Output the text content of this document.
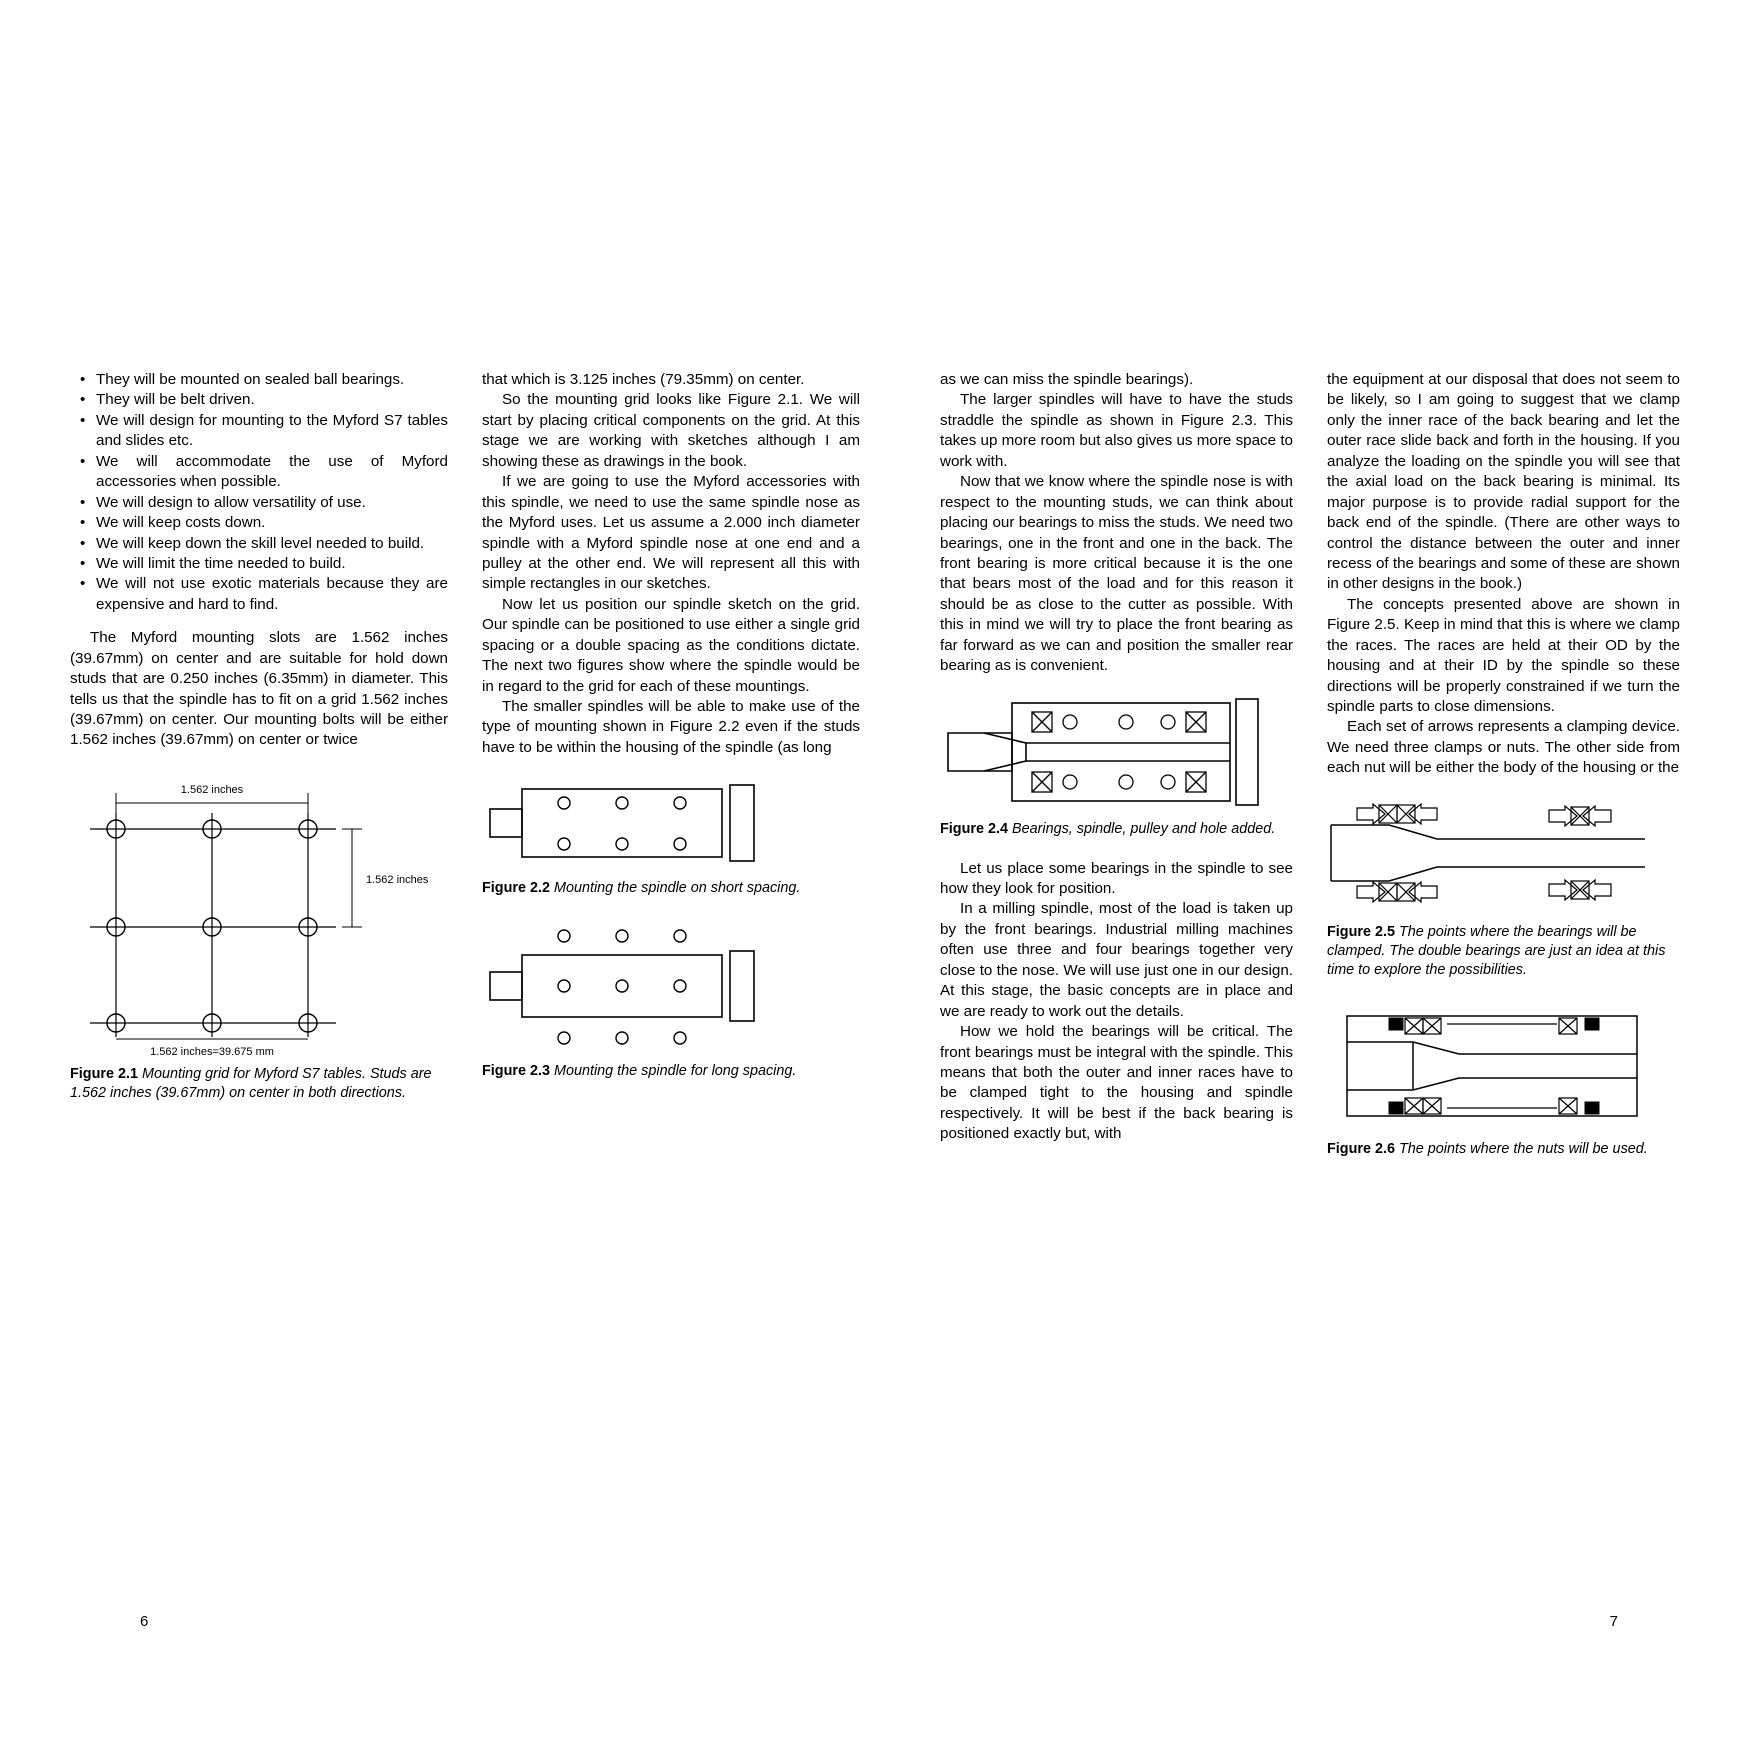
• They will be mounted on sealed ball bearings.
• They will be belt driven.
• We will design for mounting to the Myford S7 tables and slides etc.
• We will accommodate the use of Myford accessories when possible.
• We will design to allow versatility of use.
• We will keep costs down.
• We will keep down the skill level needed to build.
• We will limit the time needed to build.
• We will not use exotic materials because they are expensive and hard to find.

The Myford mounting slots are 1.562 inches (39.67mm) on center and are suitable for hold down studs that are 0.250 inches (6.35mm) in diameter. This tells us that the spindle has to fit on a grid 1.562 inches (39.67mm) on center. Our mounting bolts will be either 1.562 inches (39.67mm) on center or twice

1.562 inches
1.562 inches
1.562 inches=39.675 mm
Figure 2.1 Mounting grid for Myford S7 tables. Studs are 1.562 inches (39.67mm) on center in both directions.

that which is 3.125 inches (79.35mm) on center.

So the mounting grid looks like Figure 2.1. We will start by placing critical components on the grid. At this stage we are working with sketches although I am showing these as drawings in the book.

If we are going to use the Myford accessories with this spindle, we need to use the same spindle nose as the Myford uses. Let us assume a 2.000 inch diameter spindle with a Myford spindle nose at one end and a pulley at the other end. We will represent all this with simple rectangles in our sketches.

Now let us position our spindle sketch on the grid. Our spindle can be positioned to use either a single grid spacing or a double spacing as the conditions dictate. The next two figures show where the spindle would be in regard to the grid for each of these mountings.

The smaller spindles will be able to make use of the type of mounting shown in Figure 2.2 even if the studs have to be within the housing of the spindle (as long

Figure 2.2 Mounting the spindle on short spacing.
Figure 2.3 Mounting the spindle for long spacing.
6

as we can miss the spindle bearings).

The larger spindles will have to have the studs straddle the spindle as shown in Figure 2.3. This takes up more room but also gives us more space to work with.

Now that we know where the spindle nose is with respect to the mounting studs, we can think about placing our bearings to miss the studs. We need two bearings, one in the front and one in the back. The front bearing is more critical because it is the one that bears most of the load and for this reason it should be as close to the cutter as possible. With this in mind we will try to place the front bearing as far forward as we can and position the smaller rear bearing as is convenient.

Figure 2.4 Bearings, spindle, pulley and hole added.

Let us place some bearings in the spindle to see how they look for position.

In a milling spindle, most of the load is taken up by the front bearings. Industrial milling machines often use three and four bearings together very close to the nose. We will use just one in our design. At this stage, the basic concepts are in place and we are ready to work out the details.

How we hold the bearings will be critical. The front bearings must be integral with the spindle. This means that both the outer and inner races have to be clamped tight to the housing and spindle respectively. It will be best if the back bearing is positioned exactly but, with

the equipment at our disposal that does not seem to be likely, so I am going to suggest that we clamp only the inner race of the back bearing and let the outer race slide back and forth in the housing. If you analyze the loading on the spindle you will see that the axial load on the back bearing is minimal. Its major purpose is to provide radial support for the back end of the spindle. (There are other ways to control the distance between the outer and inner recess of the bearings and some of these are shown in other designs in the book.)

The concepts presented above are shown in Figure 2.5. Keep in mind that this is where we clamp the races. The races are held at their OD by the housing and at their ID by the spindle so these directions will be properly constrained if we turn the spindle parts to close dimensions.

Each set of arrows represents a clamping device. We need three clamps or nuts. The other side from each nut will be either the body of the housing or the

Figure 2.5 The points where the bearings will be clamped. The double bearings are just an idea at this time to explore the possibilities.
Figure 2.6 The points where the nuts will be used.
7
